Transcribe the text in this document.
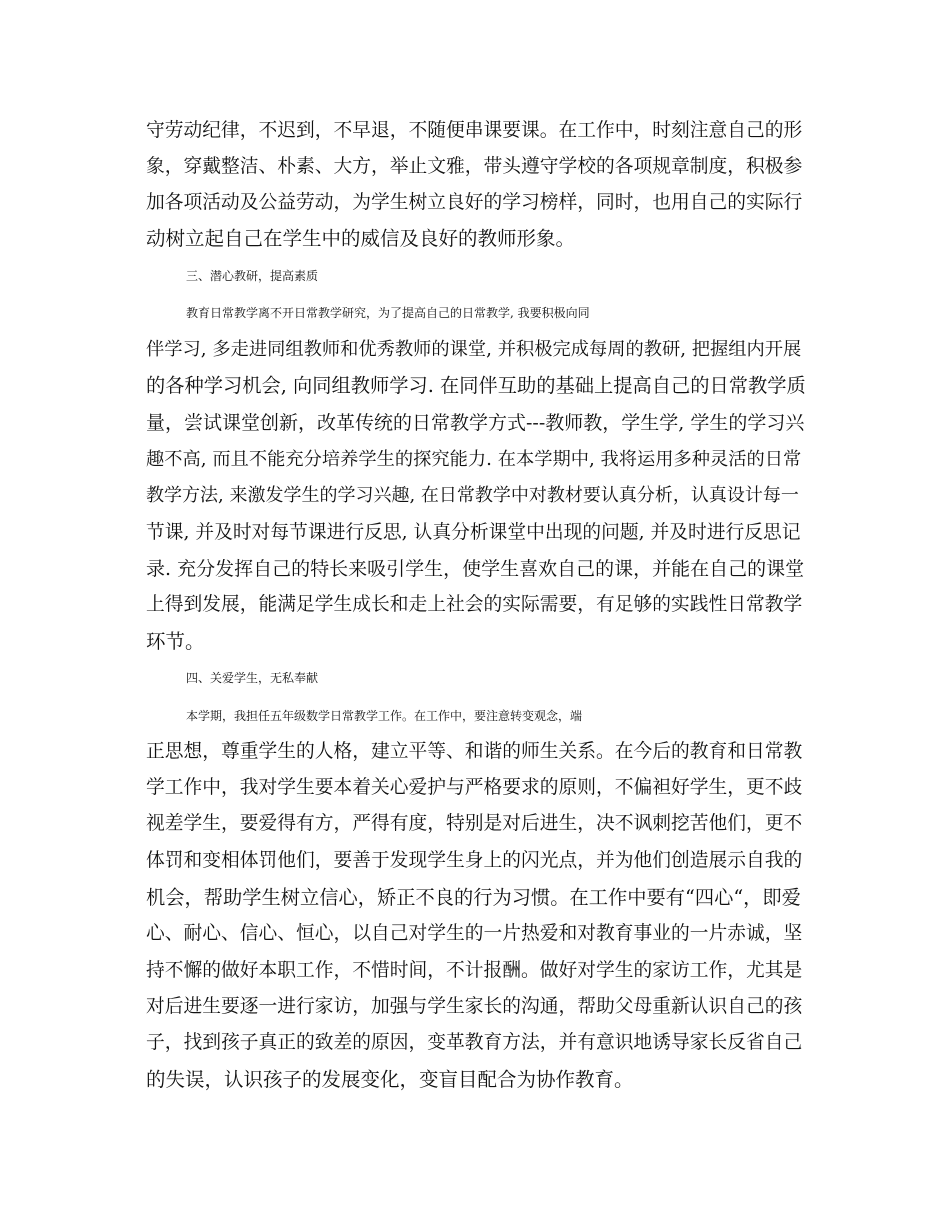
守劳动纪律，不迟到，不早退，不随便串课要课。在工作中，时刻注意自己的形
象，穿戴整洁、朴素、大方，举止文雅，带头遵守学校的各项规章制度，积极参
加各项活动及公益劳动，为学生树立良好的学习榜样，同时，也用自己的实际行
动树立起自己在学生中的威信及良好的教师形象。
三、潜心教研，提高素质
教育日常教学离不开日常教学研究，为了提高自己的日常教学, 我要积极向同
伴学习, 多走进同组教师和优秀教师的课堂, 并积极完成每周的教研, 把握组内开展
的各种学习机会, 向同组教师学习. 在同伴互助的基础上提高自己的日常教学质
量，尝试课堂创新，改革传统的日常教学方式---教师教，学生学, 学生的学习兴
趣不高, 而且不能充分培养学生的探究能力. 在本学期中, 我将运用多种灵活的日常
教学方法, 来激发学生的学习兴趣, 在日常教学中对教材要认真分析，认真设计每一
节课, 并及时对每节课进行反思, 认真分析课堂中出现的问题, 并及时进行反思记
录. 充分发挥自己的特长来吸引学生，使学生喜欢自己的课，并能在自己的课堂
上得到发展，能满足学生成长和走上社会的实际需要，有足够的实践性日常教学
环节。
四、关爱学生，无私奉献
本学期，我担任五年级数学日常教学工作。在工作中，要注意转变观念，端
正思想，尊重学生的人格，建立平等、和谐的师生关系。在今后的教育和日常教
学工作中，我对学生要本着关心爱护与严格要求的原则，不偏袒好学生，更不歧
视差学生，要爱得有方，严得有度，特别是对后进生，决不讽刺挖苦他们，更不
体罚和变相体罚他们，要善于发现学生身上的闪光点，并为他们创造展示自我的
机会，帮助学生树立信心，矫正不良的行为习惯。在工作中要有“四心“，即爱
心、耐心、信心、恒心，以自己对学生的一片热爱和对教育事业的一片赤诚，坚
持不懈的做好本职工作，不惜时间，不计报酬。做好对学生的家访工作，尤其是
对后进生要逐一进行家访，加强与学生家长的沟通，帮助父母重新认识自己的孩
子，找到孩子真正的致差的原因，变革教育方法，并有意识地诱导家长反省自己
的失误，认识孩子的发展变化，变盲目配合为协作教育。
